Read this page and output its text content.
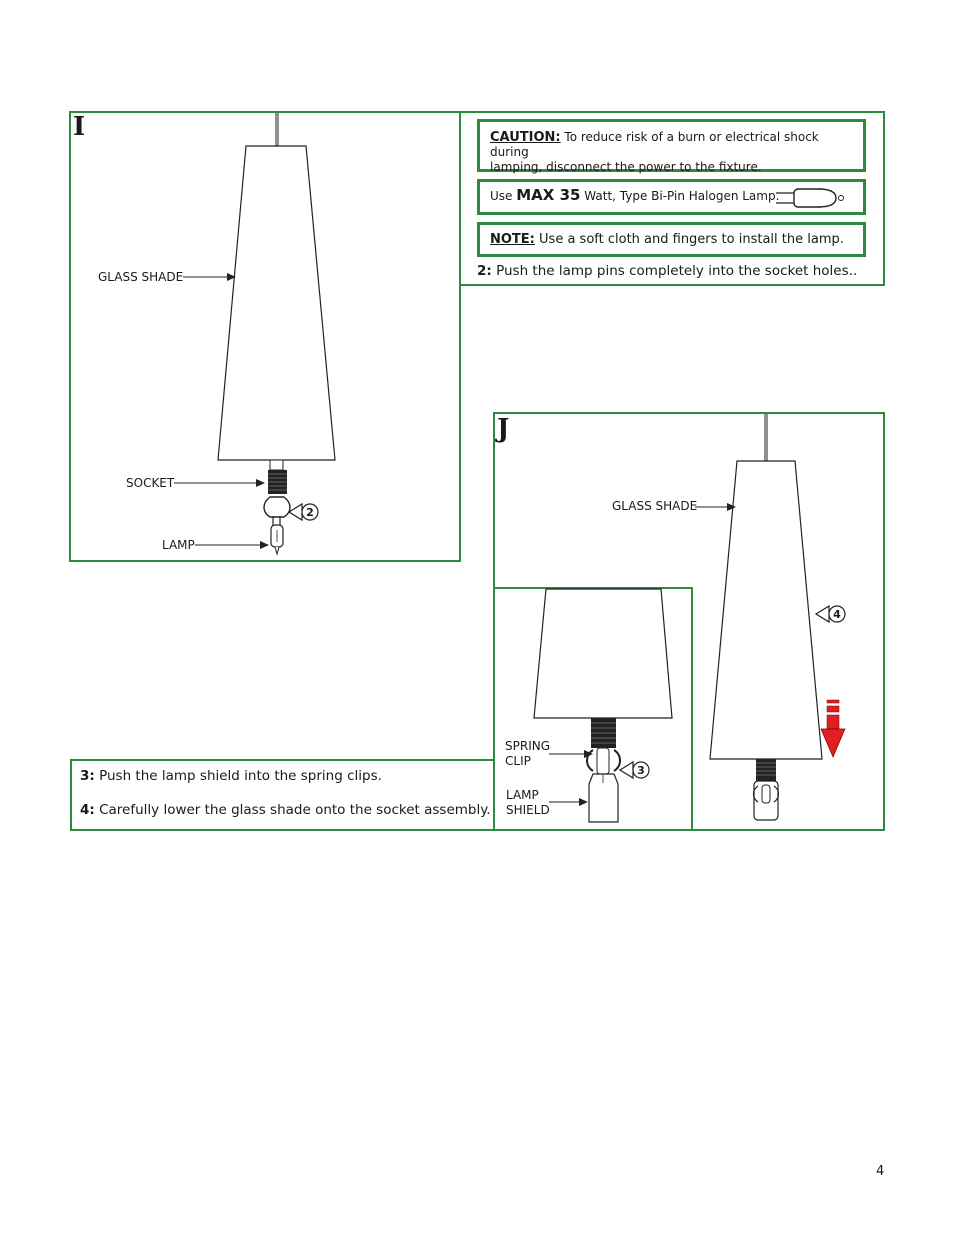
I
GLASS SHADE
SOCKET
LAMP
2
CAUTION: To reduce risk of a burn or electrical shock during
lamping, disconnect the power to the fixture.
Use MAX 35 Watt, Type Bi-Pin Halogen Lamp.
NOTE: Use a soft cloth and fingers to install the lamp.
2: Push the lamp pins completely into the socket holes..
J
GLASS SHADE
4
SPRING
CLIP
LAMP
SHIELD
3
3: Push the lamp shield into the spring clips.
4: Carefully lower the glass shade onto the socket assembly.
4
